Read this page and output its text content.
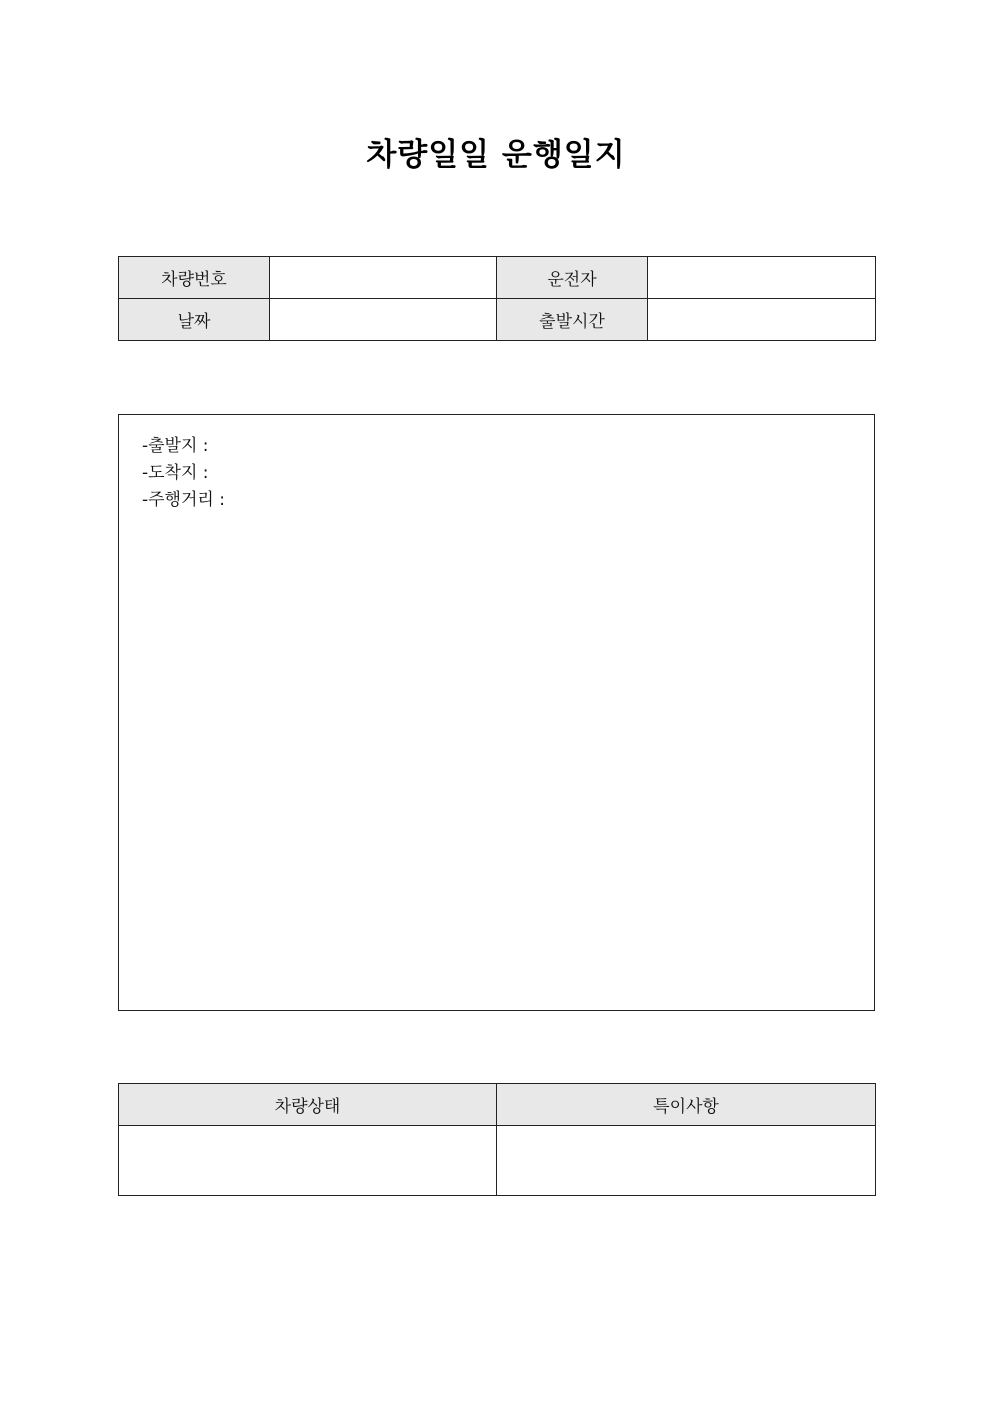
차량일일 운행일지
차량번호		운전자	
날짜		출발시간	
-출발지 :
-도착지 :
-주행거리 :
차량상태	특이사항
